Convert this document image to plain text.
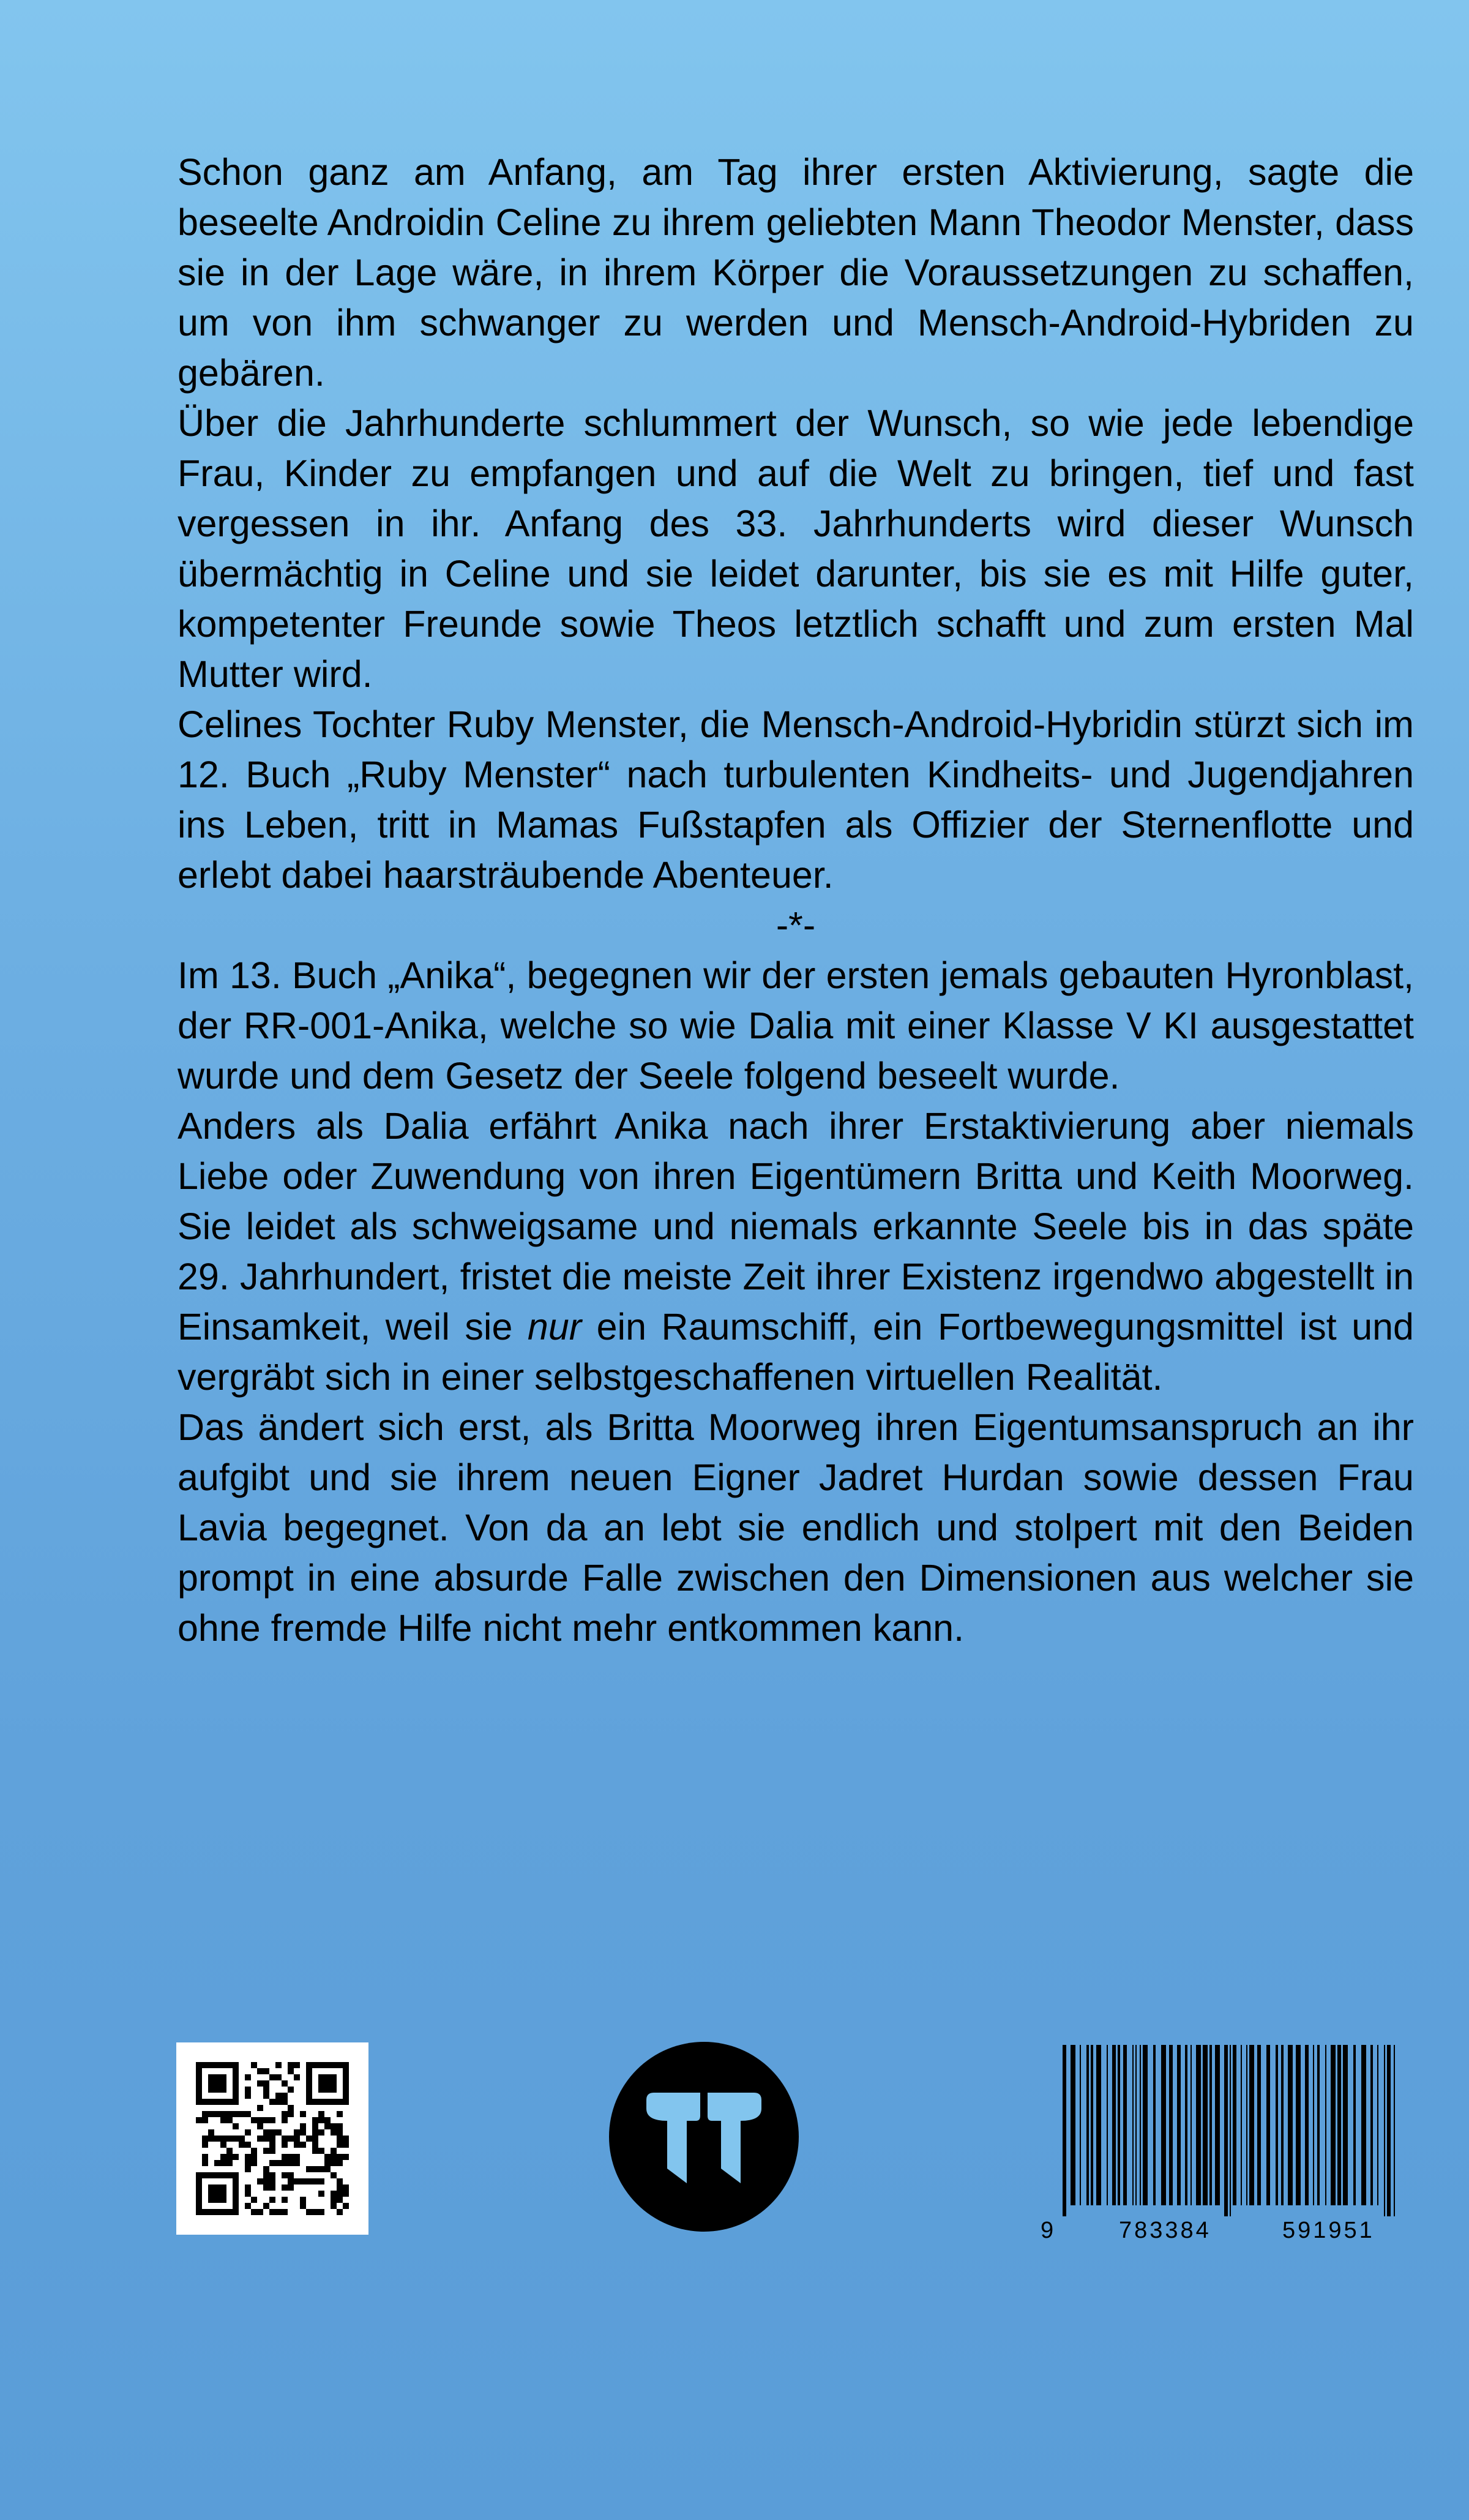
Schon ganz am Anfang, am Tag ihrer ersten Aktivierung, sagte die beseelte Androidin Celine zu ihrem geliebten Mann Theodor Menster, dass sie in der Lage wäre, in ihrem Körper die Voraussetzungen zu schaffen, um von ihm schwanger zu werden und Mensch-Android-Hybriden zu gebären.

Über die Jahrhunderte schlummert der Wunsch, so wie jede lebendige Frau, Kinder zu empfangen und auf die Welt zu bringen, tief und fast vergessen in ihr. Anfang des 33. Jahrhunderts wird dieser Wunsch übermächtig in Celine und sie leidet darunter, bis sie es mit Hilfe guter, kompetenter Freunde sowie Theos letztlich schafft und zum ersten Mal Mutter wird.

Celines Tochter Ruby Menster, die Mensch-Android-Hybridin stürzt sich im 12. Buch „Ruby Menster“ nach turbulenten Kindheits- und Jugendjahren ins Leben, tritt in Mamas Fußstapfen als Offizier der Sternenflotte und erlebt dabei haarsträubende Abenteuer.

-*-

Im 13. Buch „Anika“, begegnen wir der ersten jemals gebauten Hyronblast, der RR-001-Anika, welche so wie Dalia mit einer Klasse V KI ausgestattet wurde und dem Gesetz der Seele folgend beseelt wurde.

Anders als Dalia erfährt Anika nach ihrer Erstaktivierung aber niemals Liebe oder Zuwendung von ihren Eigentümern Britta und Keith Moorweg. Sie leidet als schweigsame und niemals erkannte Seele bis in das späte 29. Jahrhundert, fristet die meiste Zeit ihrer Existenz irgendwo abgestellt in Einsamkeit, weil sie nur ein Raumschiff, ein Fortbewegungsmittel ist und vergräbt sich in einer selbstgeschaffenen virtuellen Realität.

Das ändert sich erst, als Britta Moorweg ihren Eigentumsanspruch an ihr aufgibt und sie ihrem neuen Eigner Jadret Hurdan sowie dessen Frau Lavia begegnet. Von da an lebt sie endlich und stolpert mit den Beiden prompt in eine absurde Falle zwischen den Dimensionen aus welcher sie ohne fremde Hilfe nicht mehr entkommen kann.

9	783384	591951
